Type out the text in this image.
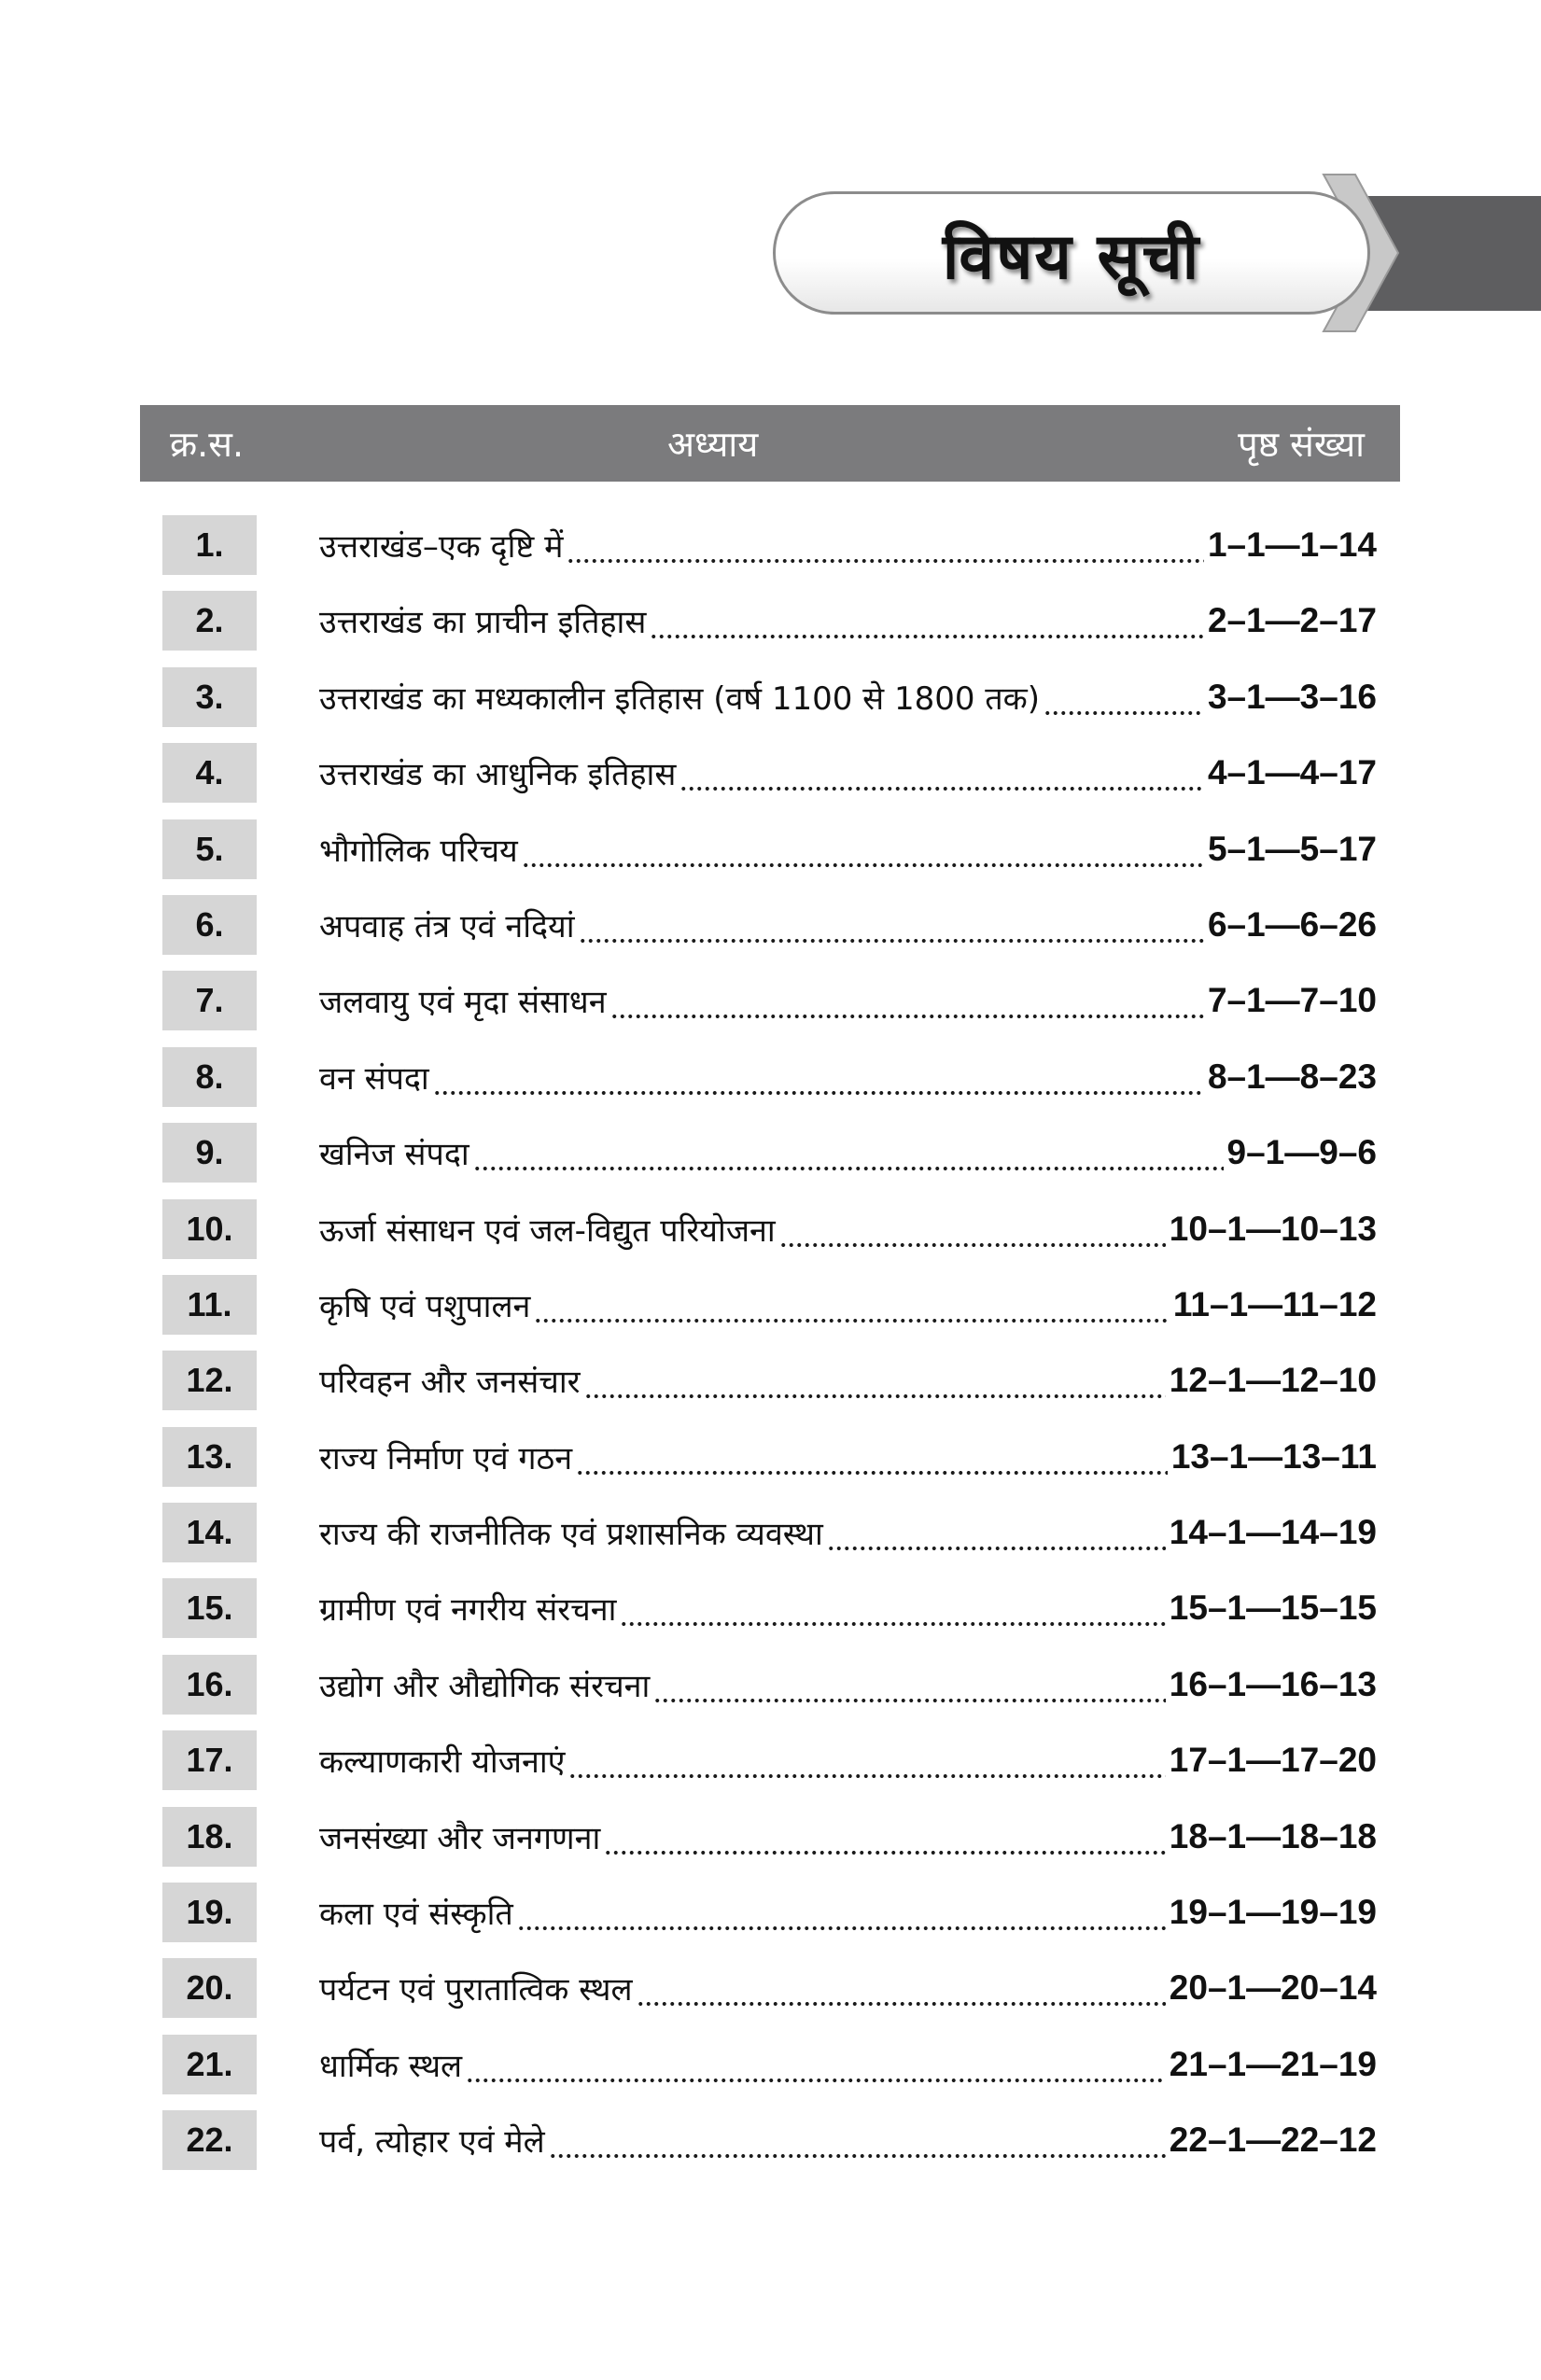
विषय सूची
क्र.स.	अध्याय	पृष्ठ संख्या
1.	उत्तराखंड–एक दृष्टि में	1–1—1–14
2.	उत्तराखंड का प्राचीन इतिहास	2–1—2–17
3.	उत्तराखंड का मध्यकालीन इतिहास (वर्ष 1100 से 1800 तक)	3–1—3–16
4.	उत्तराखंड का आधुनिक इतिहास	4–1—4–17
5.	भौगोलिक परिचय	5–1—5–17
6.	अपवाह तंत्र एवं नदियां	6–1—6–26
7.	जलवायु एवं मृदा संसाधन	7–1—7–10
8.	वन संपदा	8–1—8–23
9.	खनिज संपदा	9–1—9–6
10.	ऊर्जा संसाधन एवं जल-विद्युत परियोजना	10–1—10–13
11.	कृषि एवं पशुपालन	11–1—11–12
12.	परिवहन और जनसंचार	12–1—12–10
13.	राज्य निर्माण एवं गठन	13–1—13–11
14.	राज्य की राजनीतिक एवं प्रशासनिक व्यवस्था	14–1—14–19
15.	ग्रामीण एवं नगरीय संरचना	15–1—15–15
16.	उद्योग और औद्योगिक संरचना	16–1—16–13
17.	कल्याणकारी योजनाएं	17–1—17–20
18.	जनसंख्या और जनगणना	18–1—18–18
19.	कला एवं संस्कृति	19–1—19–19
20.	पर्यटन एवं पुरातात्विक स्थल	20–1—20–14
21.	धार्मिक स्थल	21–1—21–19
22.	पर्व, त्योहार एवं मेले	22–1—22–12
